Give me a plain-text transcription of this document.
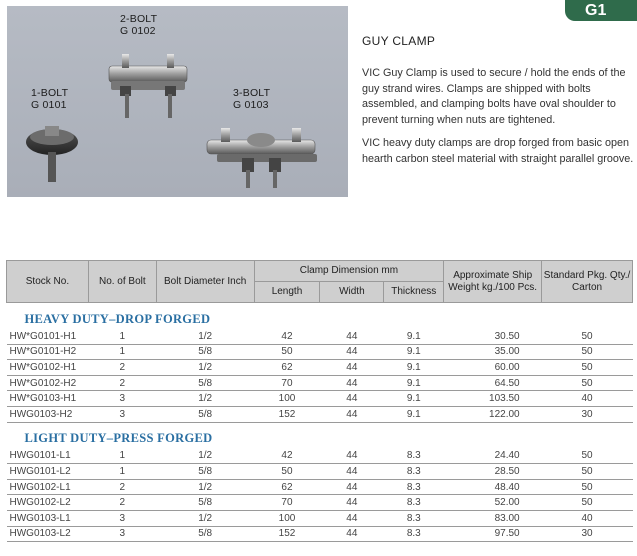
2-BOLT
G 0102
1-BOLT
G 0101
3-BOLT
G 0103
G1
GUY CLAMP
VIC Guy Clamp is used to secure / hold the ends of the guy strand wires. Clamps are shipped with bolts assembled, and clamping bolts have oval shoulder to prevent turning when nuts are tightened.
VIC heavy duty clamps are drop forged from basic open hearth carbon steel material with straight parallel groove.
Stock No.	No. of Bolt	Bolt Diameter Inch	Clamp Dimension mm			Approximate Ship Weight kg./100 Pcs.	Standard Pkg. Qty./ Carton
			Length	Width	Thickness		
HEAVY DUTY–DROP FORGED							
HW*G0101-H1	1	1/2	42	44	9.1	30.50	50
HW*G0101-H2	1	5/8	50	44	9.1	35.00	50
HW*G0102-H1	2	1/2	62	44	9.1	60.00	50
HW*G0102-H2	2	5/8	70	44	9.1	64.50	50
HW*G0103-H1	3	1/2	100	44	9.1	103.50	40
HWG0103-H2	3	5/8	152	44	9.1	122.00	30
LIGHT DUTY–PRESS FORGED							
HWG0101-L1	1	1/2	42	44	8.3	24.40	50
HWG0101-L2	1	5/8	50	44	8.3	28.50	50
HWG0102-L1	2	1/2	62	44	8.3	48.40	50
HWG0102-L2	2	5/8	70	44	8.3	52.00	50
HWG0103-L1	3	1/2	100	44	8.3	83.00	40
HWG0103-L2	3	5/8	152	44	8.3	97.50	30
